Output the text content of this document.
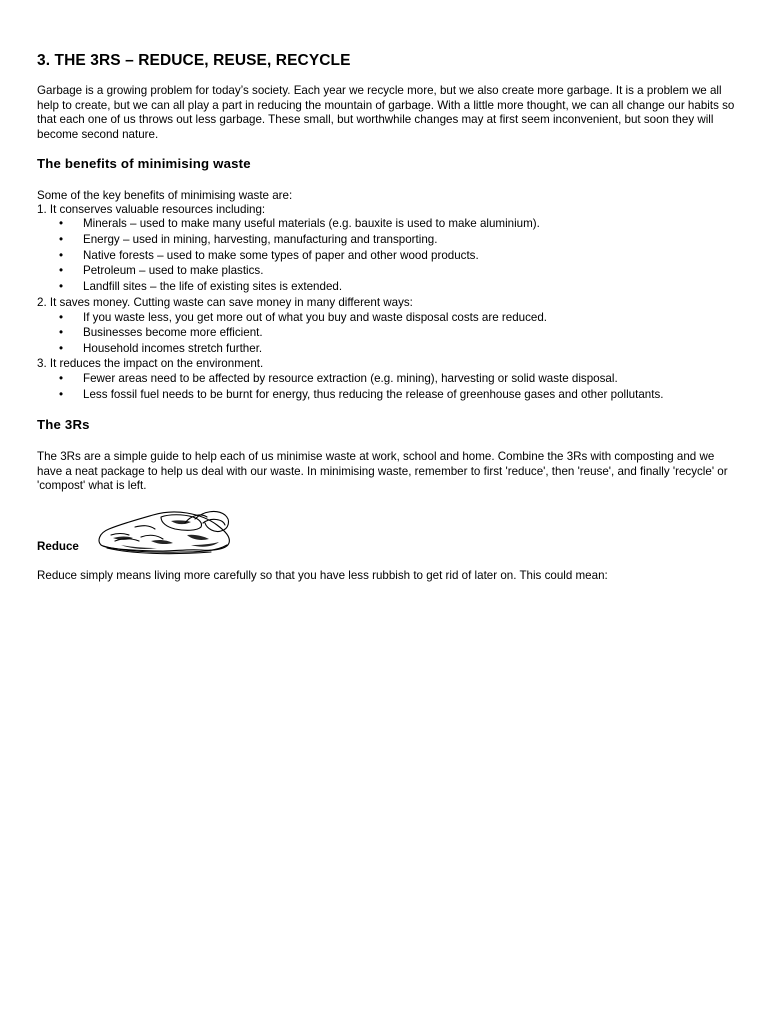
3. THE 3RS – REDUCE, REUSE, RECYCLE

Garbage is a growing problem for today’s society. Each year we recycle more, but we also create more garbage. It is a problem we all help to create, but we can all play a part in reducing the mountain of garbage. With a little more thought, we can all change our habits so that each one of us throws out less garbage. These small, but worthwhile changes may at first seem inconvenient, but soon they will become second nature.

The benefits of minimising waste
Some of the key benefits of minimising waste are:
1. It conserves valuable resources including:
• Minerals – used to make many useful materials (e.g. bauxite is used to make aluminium).
• Energy – used in mining, harvesting, manufacturing and transporting.
• Native forests – used to make some types of paper and other wood products.
• Petroleum – used to make plastics.
• Landfill sites – the life of existing sites is extended.
2. It saves money. Cutting waste can save money in many different ways:
• If you waste less, you get more out of what you buy and waste disposal costs are reduced.
• Businesses become more efficient.
• Household incomes stretch further.
3. It reduces the impact on the environment.
• Fewer areas need to be affected by resource extraction (e.g. mining), harvesting or solid waste disposal.
• Less fossil fuel needs to be burnt for energy, thus reducing the release of greenhouse gases and other pollutants.
The 3Rs

The 3Rs are a simple guide to help each of us minimise waste at work, school and home. Combine the 3Rs with composting and we have a neat package to help us deal with our waste. In minimising waste, remember to first 'reduce', then 'reuse', and finally 'recycle' or 'compost' what is left.

Reduce

Reduce simply means living more carefully so that you have less rubbish to get rid of later on. This could mean:
